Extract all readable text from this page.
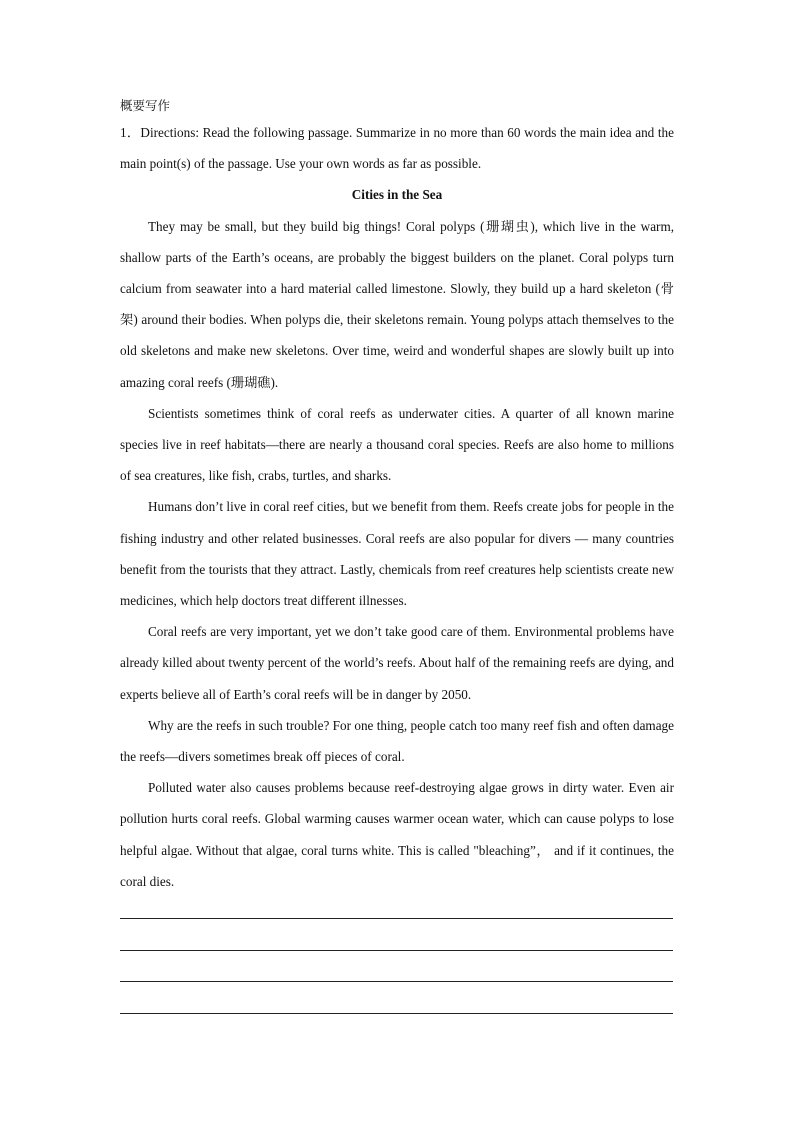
概要写作

1．Directions: Read the following passage. Summarize in no more than 60 words the main idea and the main point(s) of the passage. Use your own words as far as possible.

Cities in the Sea

They may be small, but they build big things! Coral polyps (珊瑚虫), which live in the warm, shallow parts of the Earth’s oceans, are probably the biggest builders on the planet. Coral polyps turn calcium from seawater into a hard material called limestone. Slowly, they build up a hard skeleton (骨架) around their bodies. When polyps die, their skeletons remain. Young polyps attach themselves to the old skeletons and make new skeletons. Over time, weird and wonderful shapes are slowly built up into amazing coral reefs (珊瑚礁).

Scientists sometimes think of coral reefs as underwater cities. A quarter of all known marine species live in reef habitats—there are nearly a thousand coral species. Reefs are also home to millions of sea creatures, like fish, crabs, turtles, and sharks.

Humans don’t live in coral reef cities, but we benefit from them. Reefs create jobs for people in the fishing industry and other related businesses. Coral reefs are also popular for divers — many countries benefit from the tourists that they attract. Lastly, chemicals from reef creatures help scientists create new medicines, which help doctors treat different illnesses.

Coral reefs are very important, yet we don’t take good care of them. Environmental problems have already killed about twenty percent of the world’s reefs. About half of the remaining reefs are dying, and experts believe all of Earth’s coral reefs will be in danger by 2050.

Why are the reefs in such trouble? For one thing, people catch too many reef fish and often damage the reefs—divers sometimes break off pieces of coral.

Polluted water also causes problems because reef-destroying algae grows in dirty water. Even air pollution hurts coral reefs. Global warming causes warmer ocean water, which can cause polyps to lose helpful algae. Without that algae, coral turns white. This is called "bleaching”， and if it continues, the coral dies.
